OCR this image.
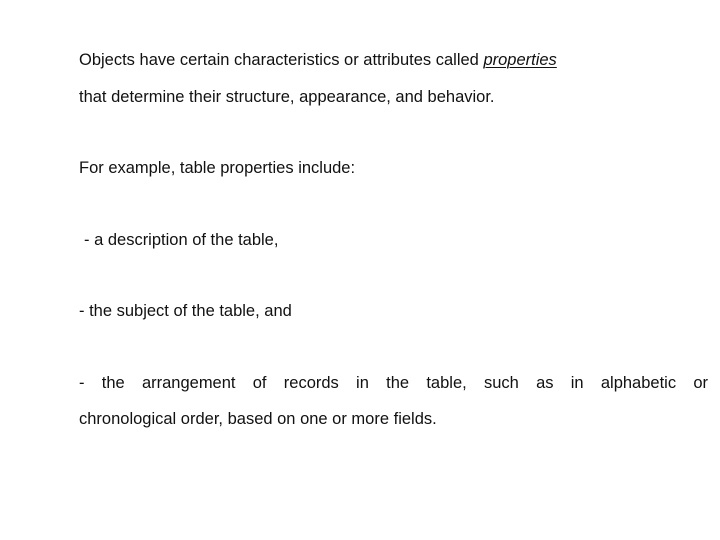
Objects have certain characteristics or attributes called properties
that determine their structure, appearance, and behavior.
For example, table properties include:
- a description of the table,
- the subject of the table, and
- the arrangement of records in the table, such as in alphabetic or
chronological order, based on one or more fields.
